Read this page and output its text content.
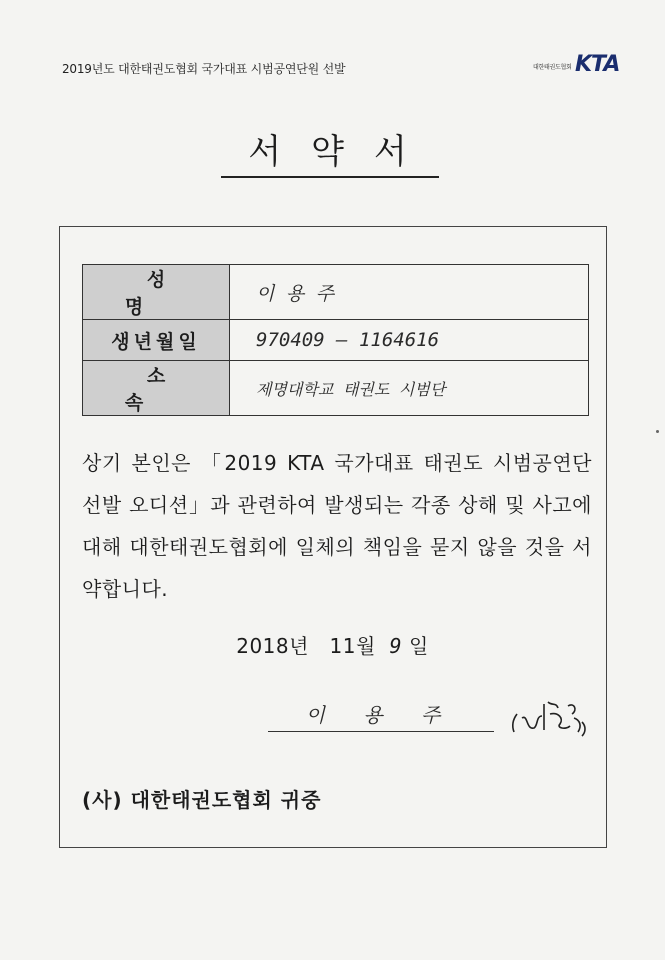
2019년도 대한태권도협회 국가대표 시범공연단원 선발	대한태권도협회 KTA
서약서
성명	이 용 주
생년월일	970409 — 1164616
소속	제명대학교 태권도 시범단
상기 본인은 「2019 KTA 국가대표 태권도 시범공연단 선발 오디션」과 관련하여 발생되는 각종 상해 및 사고에 대해 대한태권도협회에 일체의 책임을 묻지 않을 것을 서약합니다.
2018년 11월 9 일
이 용 주
(사) 대한태권도협회 귀중
